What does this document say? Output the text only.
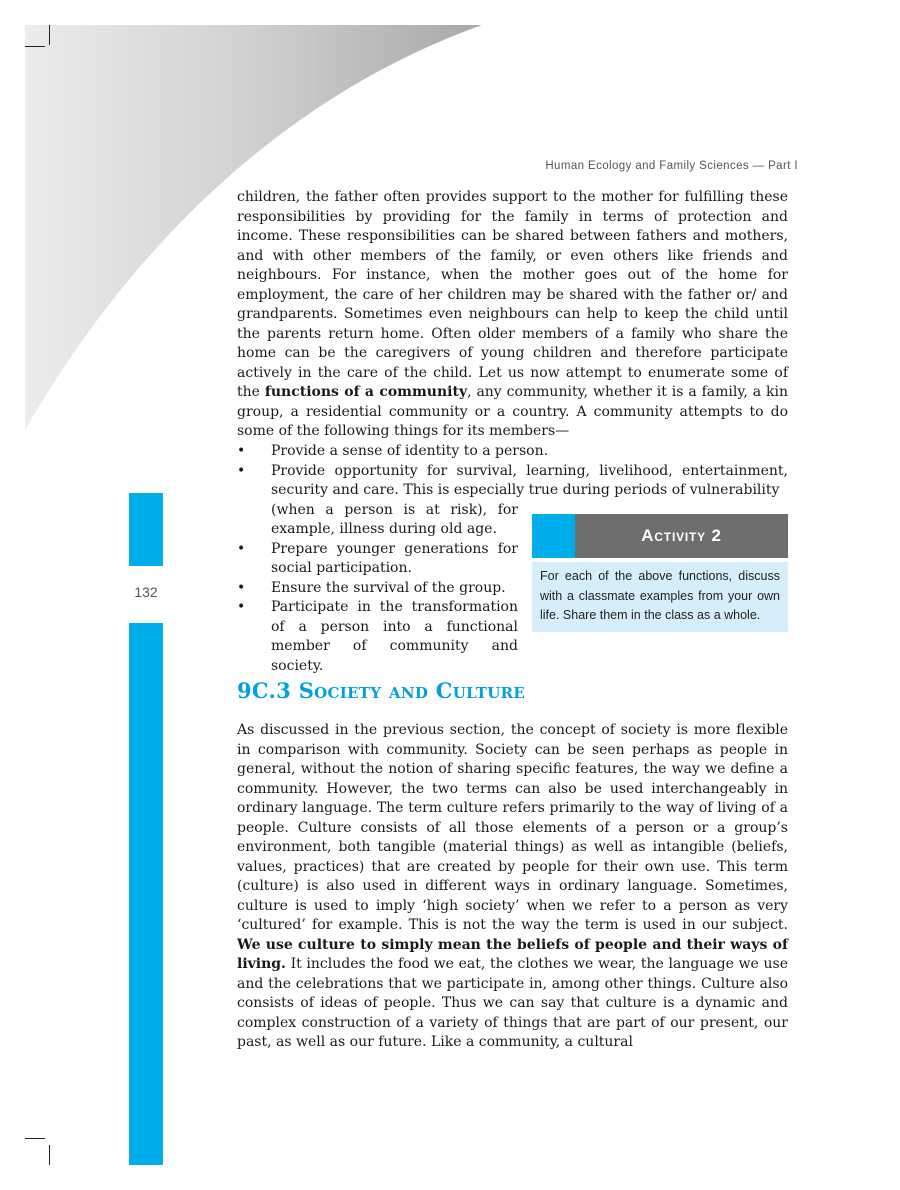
Human Ecology and Family Sciences — Part I
132

children, the father often provides support to the mother for fulfilling these responsibilities by providing for the family in terms of protection and income. These responsibilities can be shared between fathers and mothers, and with other members of the family, or even others like friends and neighbours. For instance, when the mother goes out of the home for employment, the care of her children may be shared with the father or/ and grandparents. Sometimes even neighbours can help to keep the child until the parents return home. Often older members of a family who share the home can be the caregivers of young children and therefore participate actively in the care of the child. Let us now attempt to enumerate some of the functions of a community, any community, whether it is a family, a kin group, a residential community or a country. A community attempts to do some of the following things for its members—

• Provide a sense of identity to a person.
• Provide opportunity for survival, learning, livelihood, entertainment, security and care. This is especially true during periods of vulnerability
(when a person is at risk), for example, illness during old age.
• Prepare younger generations for social participation.
• Ensure the survival of the group.
• Participate in the transformation of a person into a functional member of community and society.
Activity 2
For each of the above functions, discuss with a classmate examples from your own life. Share them in the class as a whole.
9C.3 Society and Culture

As discussed in the previous section, the concept of society is more flexible in comparison with community. Society can be seen perhaps as people in general, without the notion of sharing specific features, the way we define a community. However, the two terms can also be used interchangeably in ordinary language. The term culture refers primarily to the way of living of a people. Culture consists of all those elements of a person or a group’s environment, both tangible (material things) as well as intangible (beliefs, values, practices) that are created by people for their own use. This term (culture) is also used in different ways in ordinary language. Sometimes, culture is used to imply ‘high society’ when we refer to a person as very ‘cultured’ for example. This is not the way the term is used in our subject. We use culture to simply mean the beliefs of people and their ways of living. It includes the food we eat, the clothes we wear, the language we use and the celebrations that we participate in, among other things. Culture also consists of ideas of people. Thus we can say that culture is a dynamic and complex construction of a variety of things that are part of our present, our past, as well as our future. Like a community, a cultural
